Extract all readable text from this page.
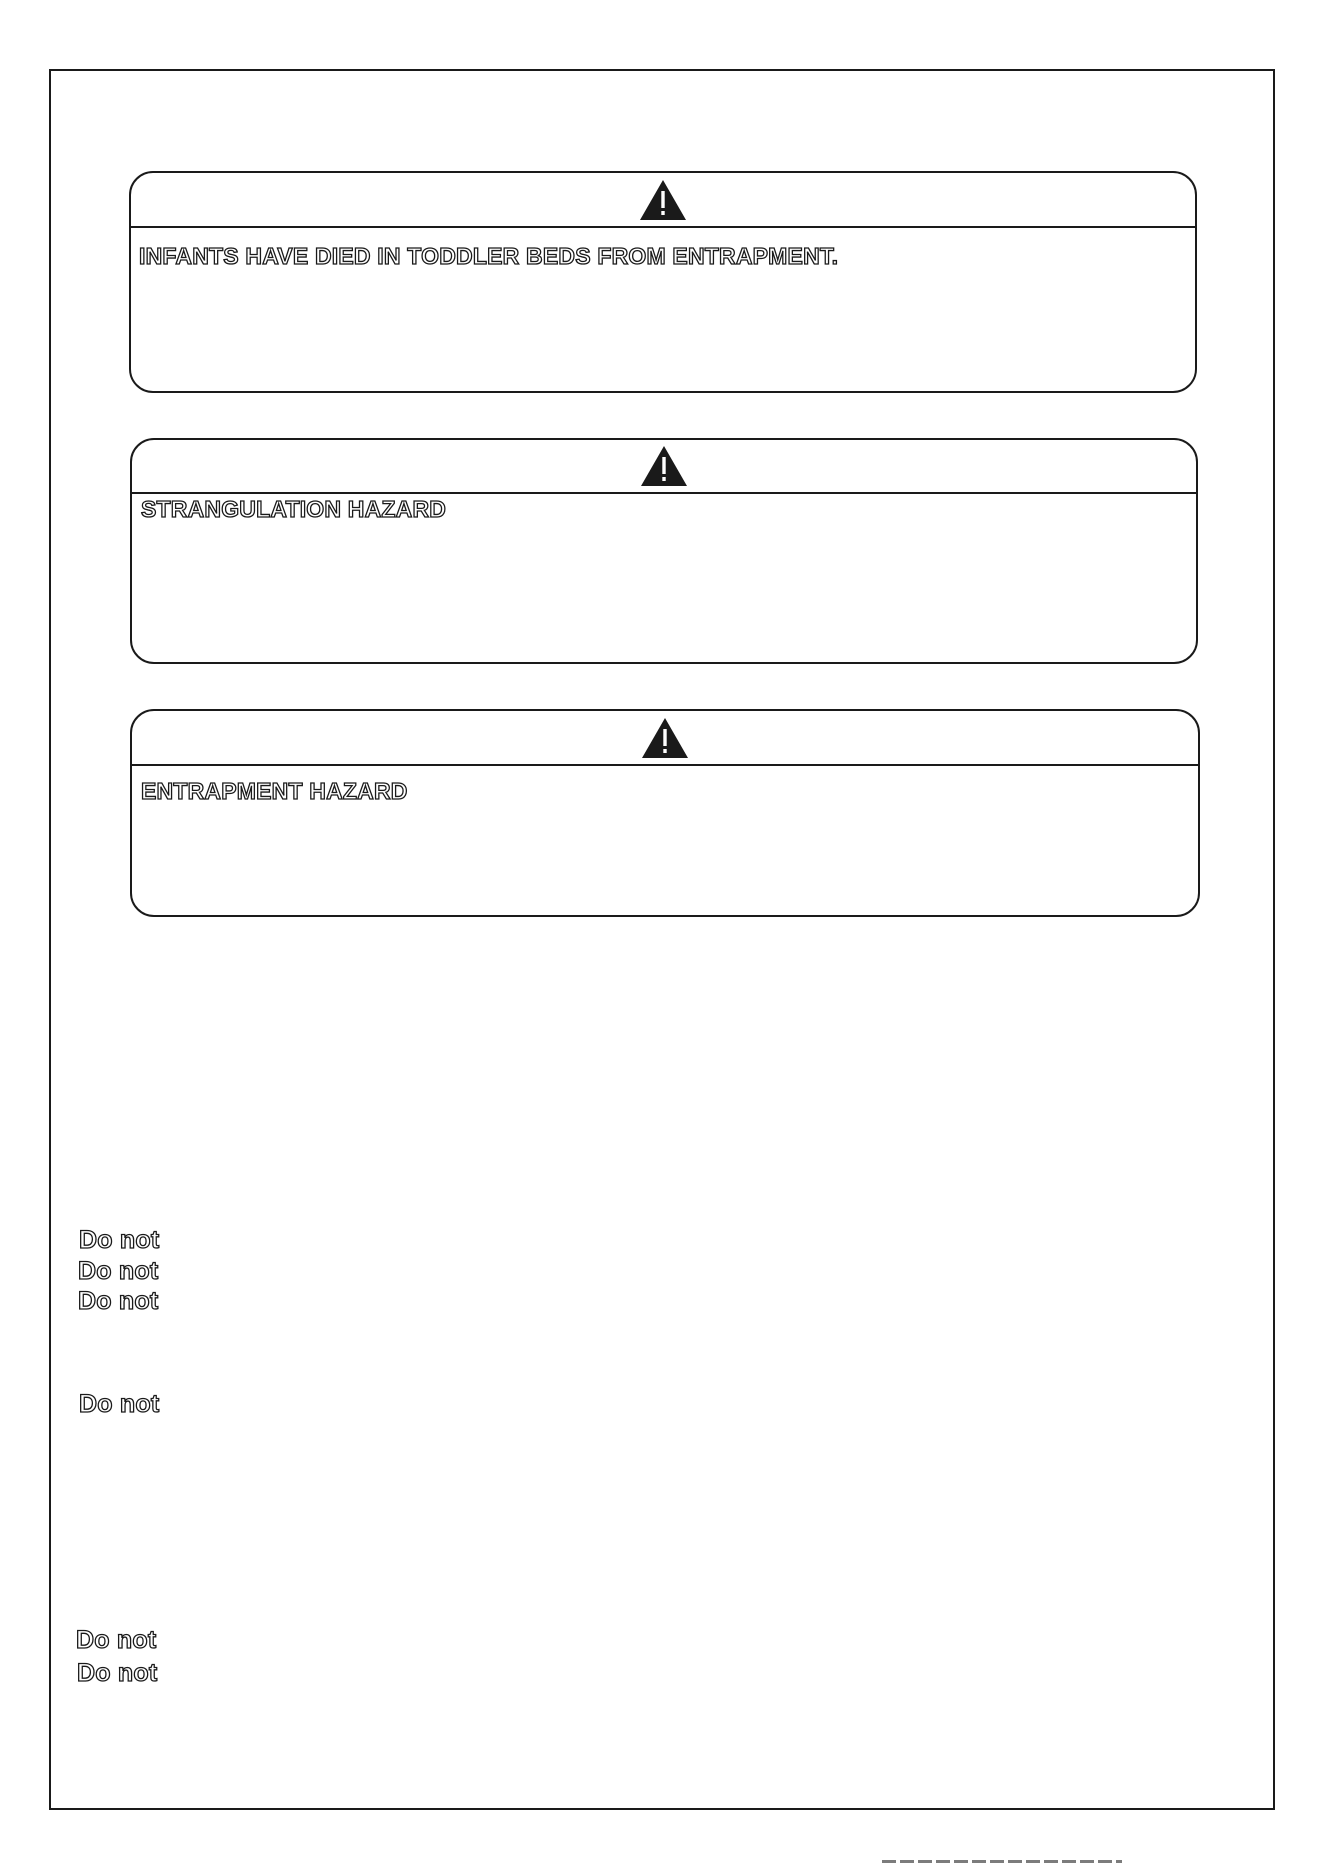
INFANTS HAVE DIED IN TODDLER BEDS FROM ENTRAPMENT.

STRANGULATION HAZARD

ENTRAPMENT HAZARD

Do not

Do not

Do not

Do not

Do not

Do not
